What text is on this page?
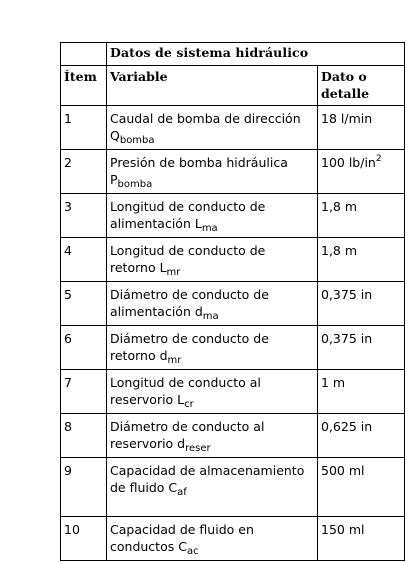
	Datos de sistema hidráulico	
Ítem	Variable	Dato o detalle
1	Caudal de bomba de dirección $Q_{bomba}$	18 l/min
2	Presión de bomba hidráulica $P_{bomba}$	100 $lb/in^2$
3	Longitud de conducto de alimentación $L_{ma}$	1,8 m
4	Longitud de conducto de retorno $L_{mr}$	1,8 m
5	Diámetro de conducto de alimentación $d_{ma}$	0,375 in
6	Diámetro de conducto de retorno $d_{mr}$	0,375 in
7	Longitud de conducto al reservorio $L_{cr}$	1 m
8	Diámetro de conducto al reservorio $d_{reser}$	0,625 in
9	Capacidad de almacenamiento de fluido $C_{af}$	500 ml
10	Capacidad de fluido en conductos $C_{ac}$	150 ml
